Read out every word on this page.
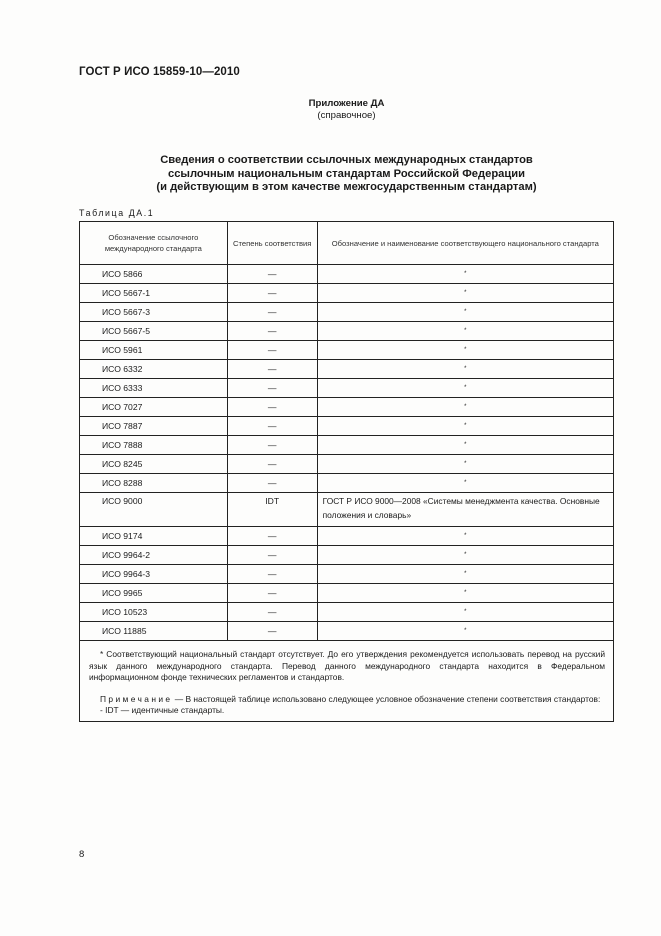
ГОСТ Р ИСО 15859-10—2010
Приложение ДА
(справочное)
Сведения о соответствии ссылочных международных стандартов
ссылочным национальным стандартам Российской Федерации
(и действующим в этом качестве межгосударственным стандартам)
Таблица ДА.1
Обозначение ссылочного международного стандарта	Степень соответствия	Обозначение и наименование соответствующего национального стандарта
ИСО 5866	—	*
ИСО 5667-1	—	*
ИСО 5667-3	—	*
ИСО 5667-5	—	*
ИСО 5961	—	*
ИСО 6332	—	*
ИСО 6333	—	*
ИСО 7027	—	*
ИСО 7887	—	*
ИСО 7888	—	*
ИСО 8245	—	*
ИСО 8288	—	*
ИСО 9000	IDT	ГОСТ Р ИСО 9000—2008 «Системы менеджмента качества. Основные положения и словарь»
ИСО 9174	—	*
ИСО 9964-2	—	*
ИСО 9964-3	—	*
ИСО 9965	—	*
ИСО 10523	—	*
ИСО 11885	—	*

* Соответствующий национальный стандарт отсутствует. До его утверждения рекомендуется использовать перевод на русский язык данного международного стандарта. Перевод данного международного стандарта находится в Федеральном информационном фонде технических регламентов и стандартов.

Примечание — В настоящей таблице использовано следующее условное обозначение степени соответствия стандартов:

- IDT — идентичные стандарты.		

8
